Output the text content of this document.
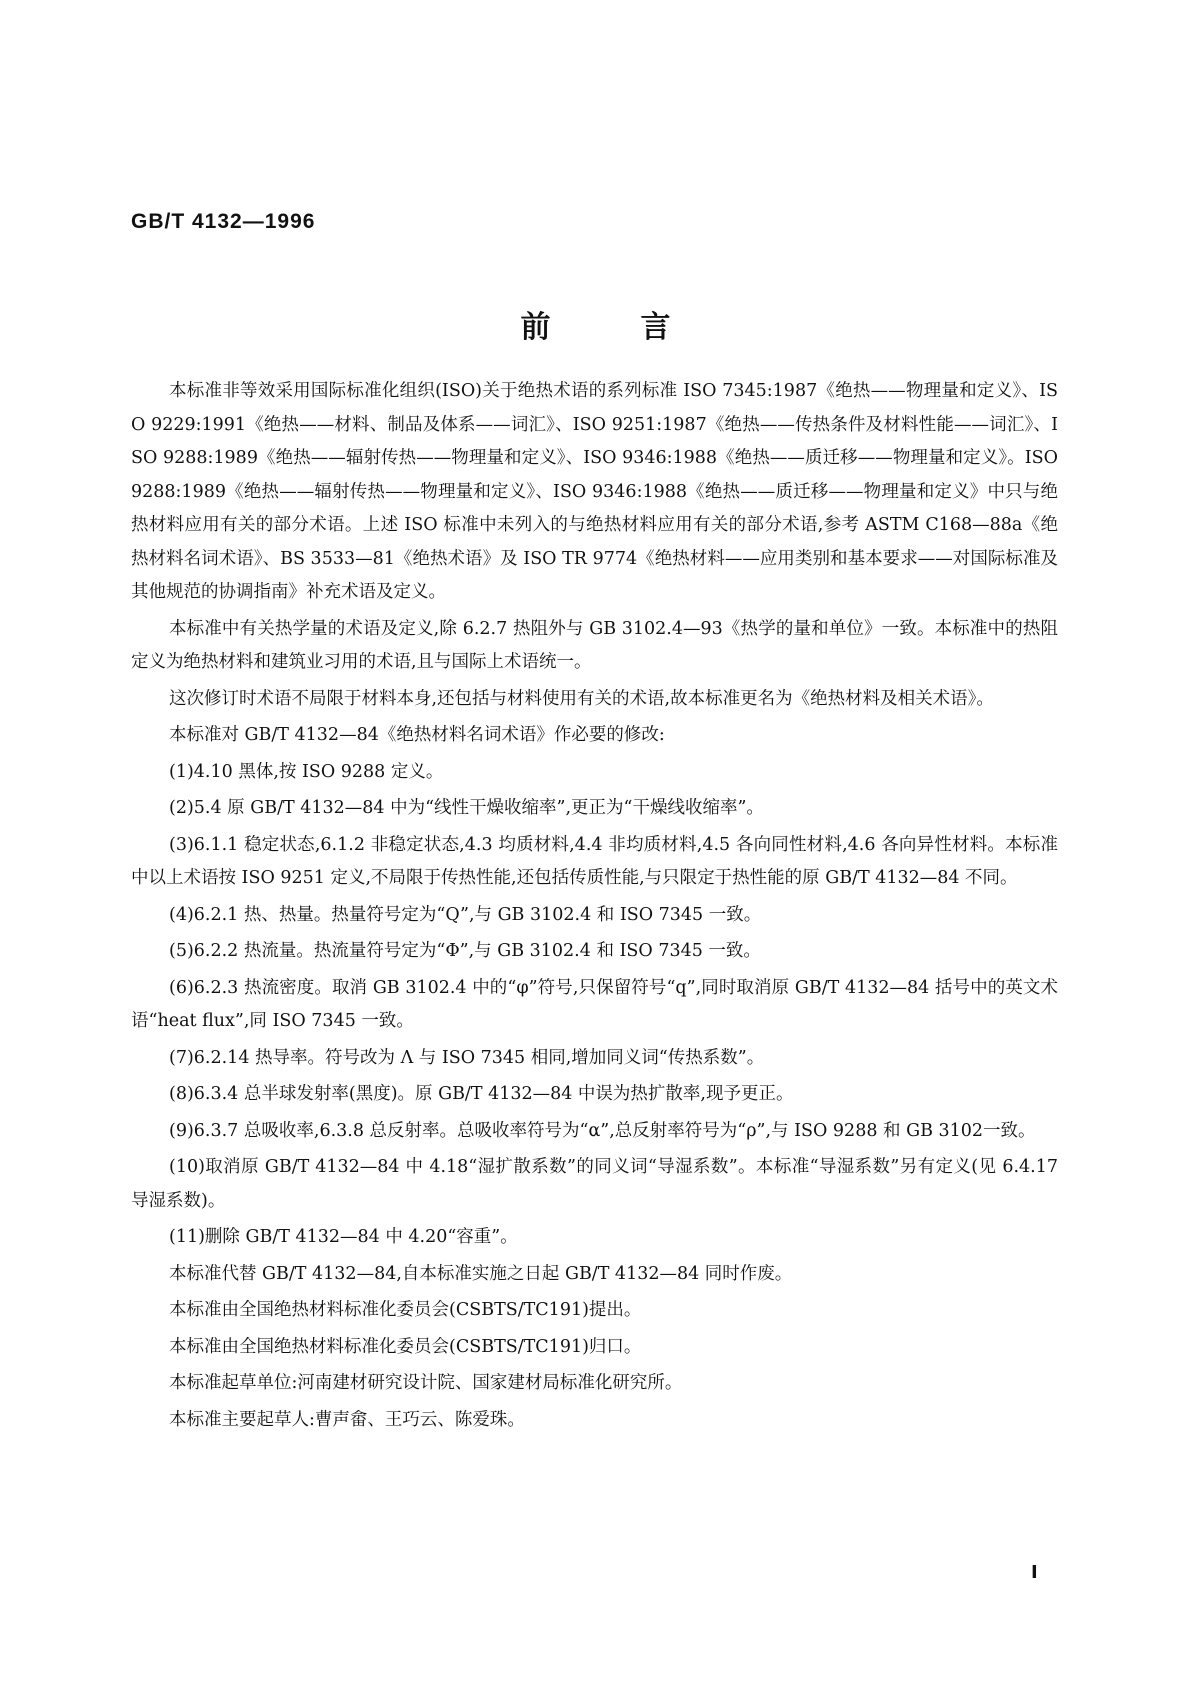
GB/T 4132—1996
前言

本标准非等效采用国际标准化组织(ISO)关于绝热术语的系列标准 ISO 7345:1987《绝热——物理量和定义》、ISO 9229:1991《绝热——材料、制品及体系——词汇》、ISO 9251:1987《绝热——传热条件及材料性能——词汇》、ISO 9288:1989《绝热——辐射传热——物理量和定义》、ISO 9346:1988《绝热——质迁移——物理量和定义》。ISO 9288:1989《绝热——辐射传热——物理量和定义》、ISO 9346:1988《绝热——质迁移——物理量和定义》中只与绝热材料应用有关的部分术语。上述 ISO 标准中未列入的与绝热材料应用有关的部分术语,参考 ASTM C168—88a《绝热材料名词术语》、BS 3533—81《绝热术语》及 ISO TR 9774《绝热材料——应用类别和基本要求——对国际标准及其他规范的协调指南》补充术语及定义。

本标准中有关热学量的术语及定义,除 6.2.7 热阻外与 GB 3102.4—93《热学的量和单位》一致。本标准中的热阻定义为绝热材料和建筑业习用的术语,且与国际上术语统一。

这次修订时术语不局限于材料本身,还包括与材料使用有关的术语,故本标准更名为《绝热材料及相关术语》。

本标准对 GB/T 4132—84《绝热材料名词术语》作必要的修改:

(1)4.10 黑体,按 ISO 9288 定义。

(2)5.4 原 GB/T 4132—84 中为“线性干燥收缩率”,更正为“干燥线收缩率”。

(3)6.1.1 稳定状态,6.1.2 非稳定状态,4.3 均质材料,4.4 非均质材料,4.5 各向同性材料,4.6 各向异性材料。本标准中以上术语按 ISO 9251 定义,不局限于传热性能,还包括传质性能,与只限定于热性能的原 GB/T 4132—84 不同。

(4)6.2.1 热、热量。热量符号定为“Q”,与 GB 3102.4 和 ISO 7345 一致。

(5)6.2.2 热流量。热流量符号定为“Φ”,与 GB 3102.4 和 ISO 7345 一致。

(6)6.2.3 热流密度。取消 GB 3102.4 中的“φ”符号,只保留符号“q”,同时取消原 GB/T 4132—84 括号中的英文术语“heat flux”,同 ISO 7345 一致。

(7)6.2.14 热导率。符号改为 Λ 与 ISO 7345 相同,增加同义词“传热系数”。

(8)6.3.4 总半球发射率(黑度)。原 GB/T 4132—84 中误为热扩散率,现予更正。

(9)6.3.7 总吸收率,6.3.8 总反射率。总吸收率符号为“α”,总反射率符号为“ρ”,与 ISO 9288 和 GB 3102一致。

(10)取消原 GB/T 4132—84 中 4.18“湿扩散系数”的同义词“导湿系数”。本标准“导湿系数”另有定义(见 6.4.17 导湿系数)。

(11)删除 GB/T 4132—84 中 4.20“容重”。

本标准代替 GB/T 4132—84,自本标准实施之日起 GB/T 4132—84 同时作废。

本标准由全国绝热材料标准化委员会(CSBTS/TC191)提出。

本标准由全国绝热材料标准化委员会(CSBTS/TC191)归口。

本标准起草单位:河南建材研究设计院、国家建材局标准化研究所。

本标准主要起草人:曹声畲、王巧云、陈爱珠。

I
